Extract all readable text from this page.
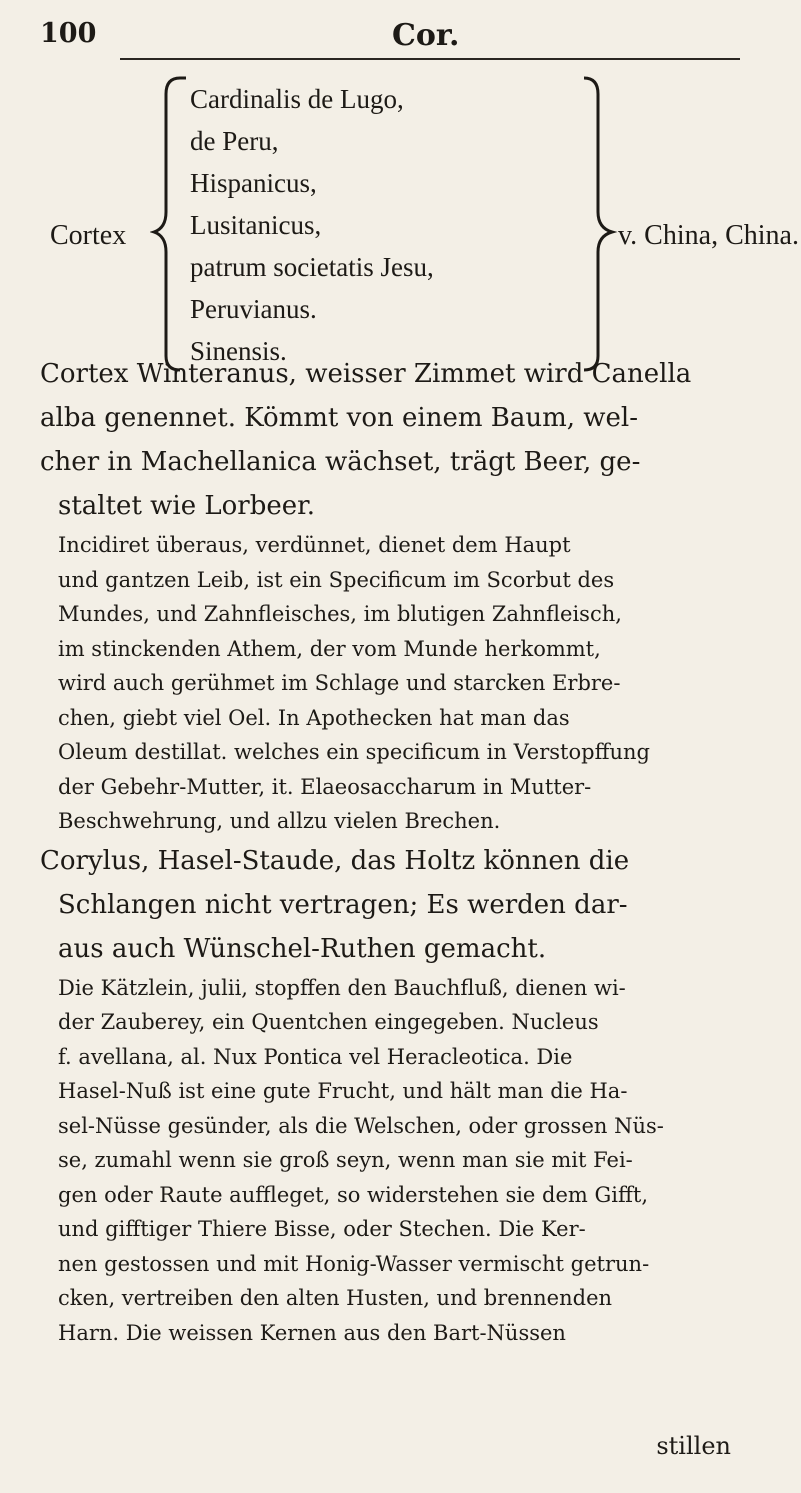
100	Cor.
Cortex
Cardinalis de Lugo,
de Peru,
Hispanicus,
Lusitanicus,
patrum societatis Jesu,
Peruvianus.
Sinensis.
v. China, China.
Cortex Winteranus, weisser Zimmet wird Canella
alba genennet. Kömmt von einem Baum, wel-
cher in Machellanica wächset, trägt Beer, ge-
staltet wie Lorbeer.
Incidiret überaus, verdünnet, dienet dem Haupt
und gantzen Leib, ist ein Specificum im Scorbut des
Mundes, und Zahnfleisches, im blutigen Zahnfleisch,
im stinckenden Athem, der vom Munde herkommt,
wird auch gerühmet im Schlage und starcken Erbre-
chen, giebt viel Oel. In Apothecken hat man das
Oleum destillat. welches ein specificum in Verstopffung
der Gebehr-Mutter, it. Elaeosaccharum in Mutter-
Beschwehrung, und allzu vielen Brechen.
Corylus, Hasel-Staude, das Holtz können die
Schlangen nicht vertragen; Es werden dar-
aus auch Wünschel-Ruthen gemacht.
Die Kätzlein, julii, stopffen den Bauchfluß, dienen wi-
der Zauberey, ein Quentchen eingegeben. Nucleus
f. avellana, al. Nux Pontica vel Heracleotica. Die
Hasel-Nuß ist eine gute Frucht, und hält man die Ha-
sel-Nüsse gesünder, als die Welschen, oder grossen Nüs-
se, zumahl wenn sie groß seyn, wenn man sie mit Fei-
gen oder Raute auffleget, so widerstehen sie dem Gifft,
und gifftiger Thiere Bisse, oder Stechen. Die Ker-
nen gestossen und mit Honig-Wasser vermischt getrun-
cken, vertreiben den alten Husten, und brennenden
Harn. Die weissen Kernen aus den Bart-Nüssen
stillen
